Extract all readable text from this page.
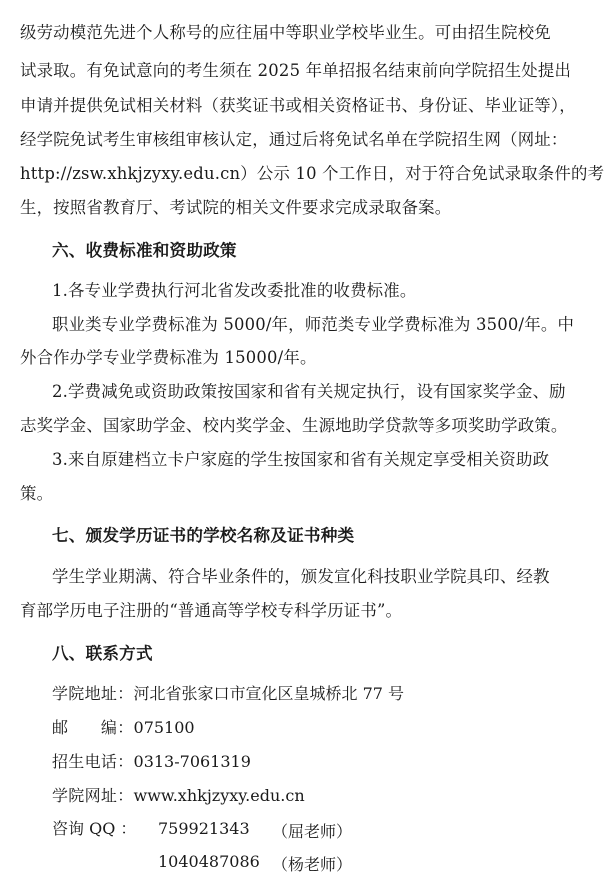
级劳动模范先进个人称号的应往届中等职业学校毕业生。可由招生院校免
试录取。有免试意向的考生须在 2025 年单招报名结束前向学院招生处提出
申请并提供免试相关材料（获奖证书或相关资格证书、身份证、毕业证等），
经学院免试考生审核组审核认定，通过后将免试名单在学院招生网（网址：
http://zsw.xhkjzyxy.edu.cn）公示 10 个工作日，对于符合免试录取条件的考
生，按照省教育厅、考试院的相关文件要求完成录取备案。
六、收费标准和资助政策
1.各专业学费执行河北省发改委批准的收费标准。
职业类专业学费标准为 5000/年，师范类专业学费标准为 3500/年。中
外合作办学专业学费标准为 15000/年。
2.学费减免或资助政策按国家和省有关规定执行，设有国家奖学金、励
志奖学金、国家助学金、校内奖学金、生源地助学贷款等多项奖助学政策。
3.来自原建档立卡户家庭的学生按国家和省有关规定享受相关资助政
策。
七、颁发学历证书的学校名称及证书种类
学生学业期满、符合毕业条件的，颁发宣化科技职业学院具印、经教
育部学历电子注册的“普通高等学校专科学历证书”。
八、联系方式
学院地址：河北省张家口市宣化区皇城桥北 77 号
邮　　编：075100
招生电话：0313-7061319
学院网址：www.xhkjzyxy.edu.cn
咨询 QQ ： 759921343 （屈老师）
1040487086 （杨老师）
